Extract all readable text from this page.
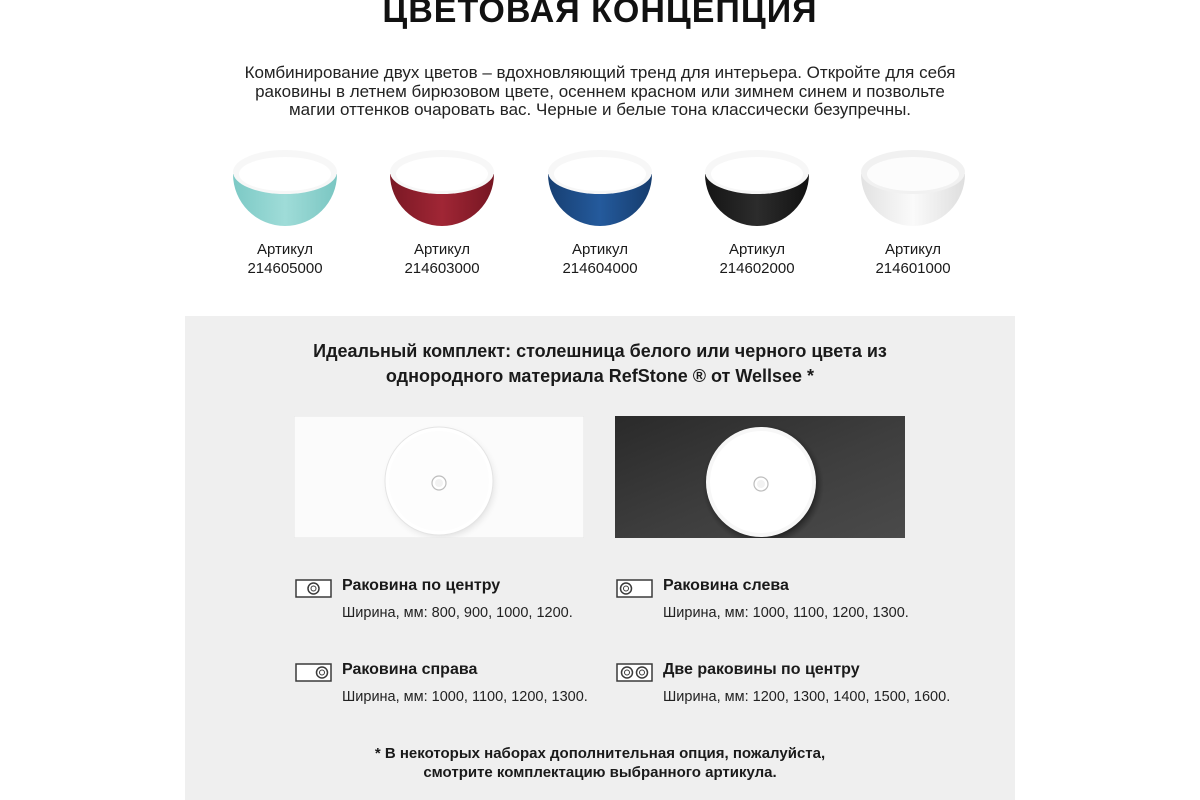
ЦВЕТОВАЯ КОНЦЕПЦИЯ
Комбинирование двух цветов – вдохновляющий тренд для интерьера. Откройте для себя
раковины в летнем бирюзовом цвете, осеннем красном или зимнем синем и позвольте
магии оттенков очаровать вас. Черные и белые тона классически безупречны.
Артикул
214605000
Артикул
214603000
Артикул
214604000
Артикул
214602000
Артикул
214601000
Идеальный комплект: столешница белого или черного цвета из
однородного материала RefStone ® от Wellsee *
Раковина по центру
Ширина, мм: 800, 900, 1000, 1200.
Раковина слева
Ширина, мм: 1000, 1100, 1200, 1300.
Раковина справа
Ширина, мм: 1000, 1100, 1200, 1300.
Две раковины по центру
Ширина, мм: 1200, 1300, 1400, 1500, 1600.
* В некоторых наборах дополнительная опция, пожалуйста,
смотрите комплектацию выбранного артикула.
